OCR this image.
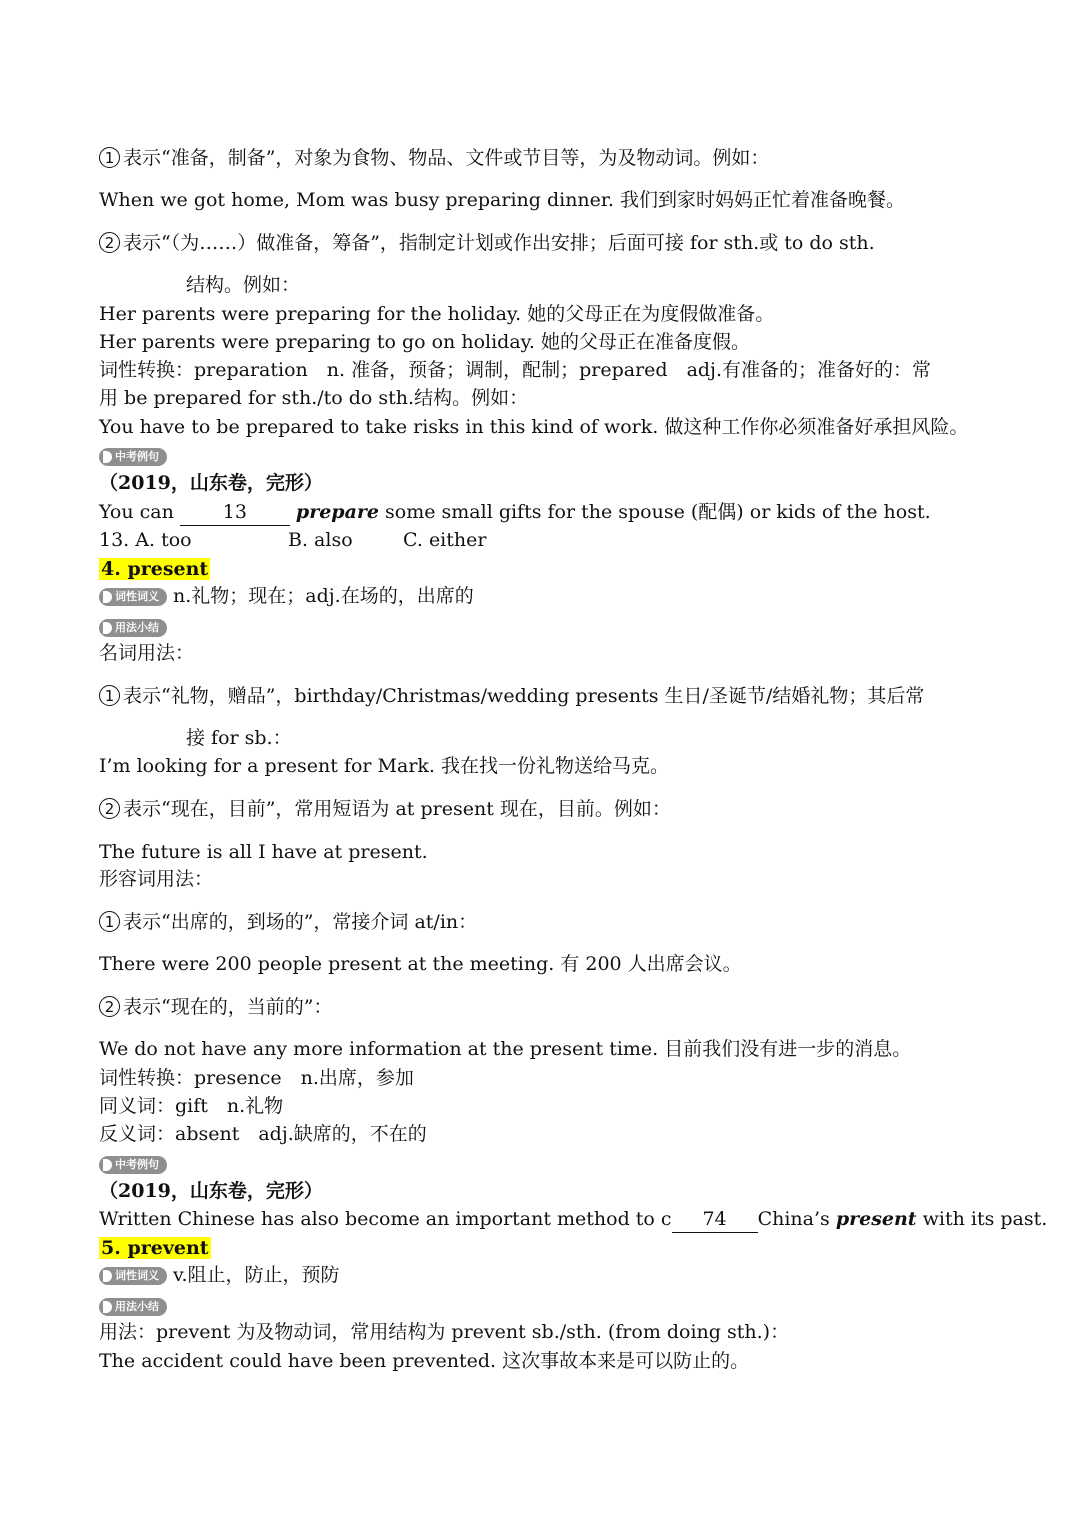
1 表示“准备，制备”，对象为食物、物品、文件或节目等，为及物动词。例如：
When we got home, Mom was busy preparing dinner. 我们到家时妈妈正忙着准备晚餐。
2 表示“（为……）做准备，筹备”，指制定计划或作出安排；后面可接 for sth.或 to do sth.
结构。例如：
Her parents were preparing for the holiday. 她的父母正在为度假做准备。
Her parents were preparing to go on holiday. 她的父母正在准备度假。
词性转换：preparation　n. 准备，预备；调制，配制；prepared　adj.有准备的；准备好的：常
用 be prepared for sth./to do sth.结构。例如：
You have to be prepared to take risks in this kind of work. 做这种工作你必须准备好承担风险。
中考例句
（2019，山东卷，完形）
You can 13	prepare some small gifts for the spouse (配偶) or kids of the host.
13. A. too	B. also	C. either
4. present
词性词义 n.礼物；现在；adj.在场的，出席的
用法小结
名词用法：
1 表示“礼物，赠品”，birthday/Christmas/wedding presents 生日/圣诞节/结婚礼物；其后常
接 for sb.：
I’m looking for a present for Mark. 我在找一份礼物送给马克。
2 表示“现在，目前”，常用短语为 at present 现在，目前。例如：
The future is all I have at present.
形容词用法：
1 表示“出席的，到场的”，常接介词 at/in：
There were 200 people present at the meeting. 有 200 人出席会议。
2 表示“现在的，当前的”：
We do not have any more information at the present time. 目前我们没有进一步的消息。
词性转换：presence　n.出席，参加
同义词：gift　n.礼物
反义词：absent　adj.缺席的，不在的
中考例句
（2019，山东卷，完形）
Written Chinese has also become an important method to c 74 China’s present with its past.
5. prevent
词性词义 v.阻止，防止，预防
用法小结
用法：prevent 为及物动词，常用结构为 prevent sb./sth. (from doing sth.)：
The accident could have been prevented. 这次事故本来是可以防止的。
